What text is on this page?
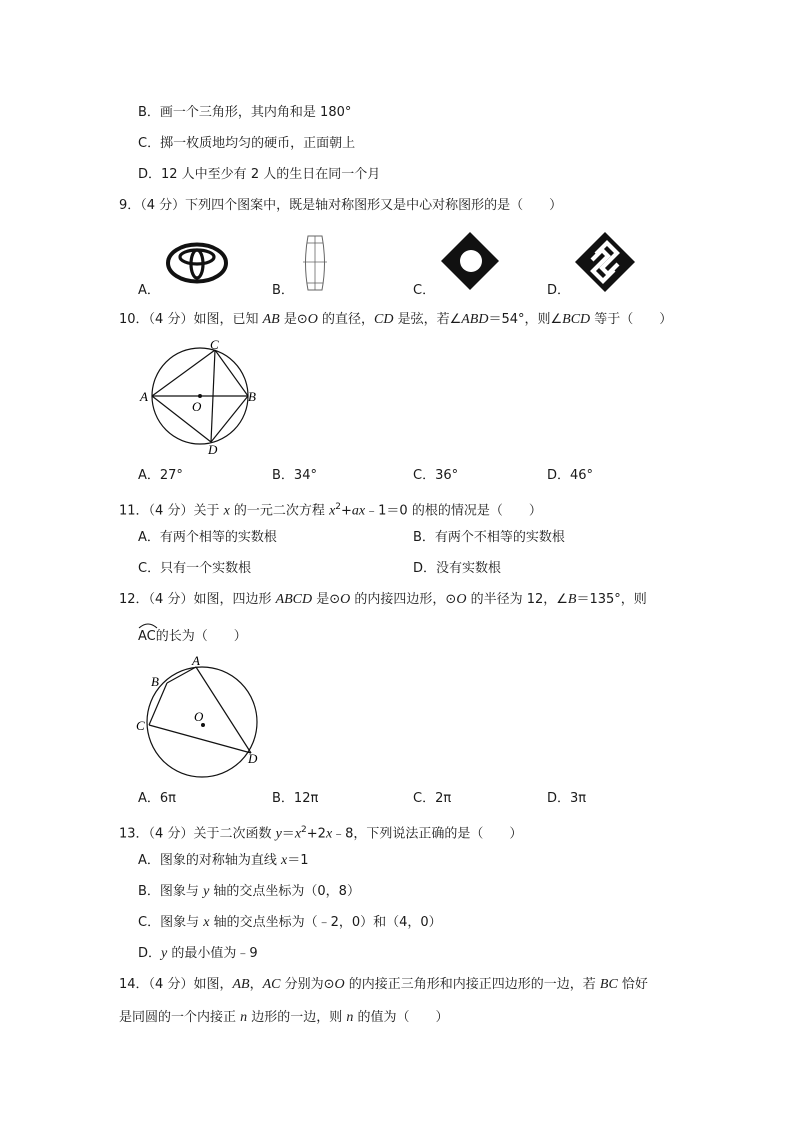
B．画一个三角形，其内角和是 180°
C．掷一枚质地均匀的硬币，正面朝上
D．12 人中至少有 2 人的生日在同一个月
9．（4 分）下列四个图案中，既是轴对称图形又是中心对称图形的是（　　）
A．	B．	C．	D．
10．（4 分）如图，已知 AB 是⊙O 的直径，CD 是弦，若∠ABD＝54°，则∠BCD 等于（　　）
C
A	B
O
D
A．27°	B．34°	C．36°	D．46°
11．（4 分）关于 x 的一元二次方程 $x^2+ax﹣1=0$ 的根的情况是（　　）
A．有两个相等的实数根	B．有两个不相等的实数根
C．只有一个实数根	D．没有实数根
12．（4 分）如图，四边形 ABCD 是⊙O 的内接四边形，⊙O 的半径为 12，∠B＝135°，则
AC的长为（　　）
A
B
C
O
D
A．6π	B．12π	C．2π	D．3π
13．（4 分）关于二次函数 $y=x^2+2x﹣8$，下列说法正确的是（　　）
A．图象的对称轴为直线 x＝1
B．图象与 y 轴的交点坐标为（0，8）
C．图象与 x 轴的交点坐标为（﹣2，0）和（4，0）
D．y 的最小值为﹣9
14．（4 分）如图，AB，AC 分别为⊙O 的内接正三角形和内接正四边形的一边，若 BC 恰好
是同圆的一个内接正 n 边形的一边，则 n 的值为（　　）
